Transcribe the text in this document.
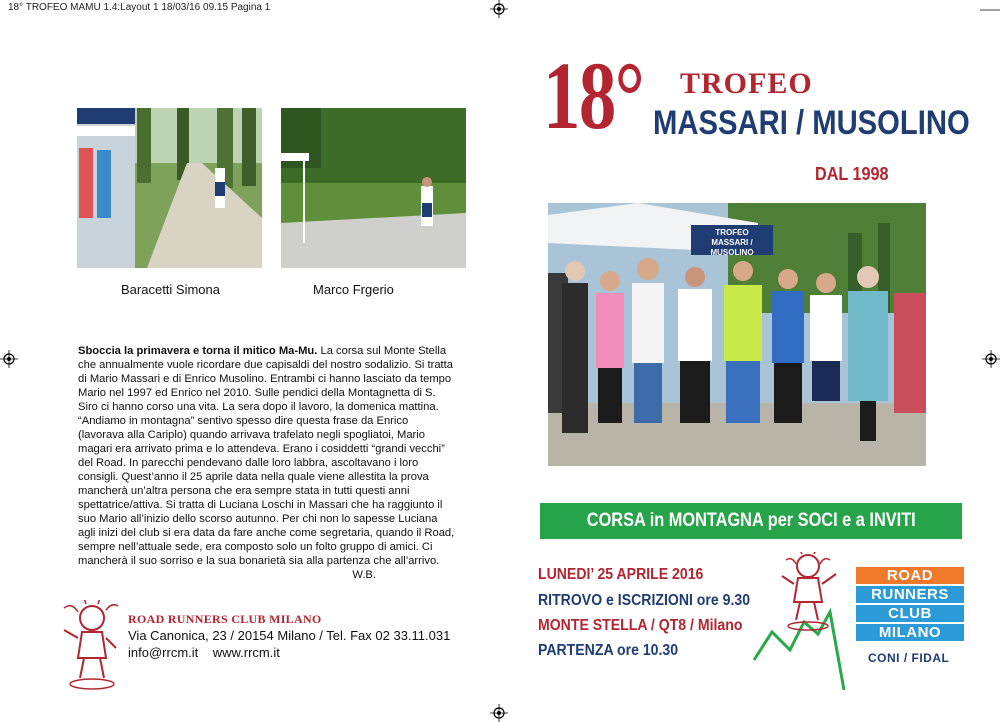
18° TROFEO MAMU 1.4:Layout 1 18/03/16 09.15 Pagina 1
Baracetti Simona	Marco Frgerio
18° TROFEO
MASSARI / MUSOLINO
DAL 1998
TROFEO
MASSARI / MUSOLINO

Sboccia la primavera e torna il mitico Ma-Mu. La corsa sul Monte Stella che annualmente vuole ricordare due capisaldi del nostro sodalizio. Si tratta di Mario Massari e di Enrico Musolino. Entrambi ci hanno lasciato da tempo Mario nel 1997 ed Enrico nel 2010. Sulle pendici della Montagnetta di S. Siro ci hanno corso una vita. La sera dopo il lavoro, la domenica mattina. “Andiamo in montagna” sentivo spesso dire questa frase da Enrico (lavorava alla Cariplo) quando arrivava trafelato negli spogliatoi, Mario magari era arrivato prima e lo attendeva. Erano i cosiddetti “grandi vecchi” del Road. In parecchi pendevano dalle loro labbra, ascoltavano i loro consigli. Quest’anno il 25 aprile data nella quale viene allestita la prova mancherà un’altra persona che era sempre stata in tutti questi anni spettatrice/attiva. Si tratta di Luciana Loschi in Massari che ha raggiunto il suo Mario all’inizio dello scorso autunno. Per chi non lo sapesse Luciana agli inizi del club si era data da fare anche come segretaria, quando il Road, sempre nell’attuale sede, era composto solo un folto gruppo di amici. Ci mancherà il suo sorriso e la sua bonarietà sia alla partenza che all’arrivo.
W.B.

CORSA in MONTAGNA per SOCI e a INVITI
LUNEDI’ 25 APRILE 2016
RITROVO e ISCRIZIONI ore 9.30
MONTE STELLA / QT8 / Milano
PARTENZA ore 10.30
ROAD
RUNNERS
CLUB
MILANO
CONI / FIDAL
ROAD RUNNERS CLUB MILANO
Via Canonica, 23 / 20154 Milano / Tel. Fax 02 33.11.031
info@rrcm.it    www.rrcm.it
